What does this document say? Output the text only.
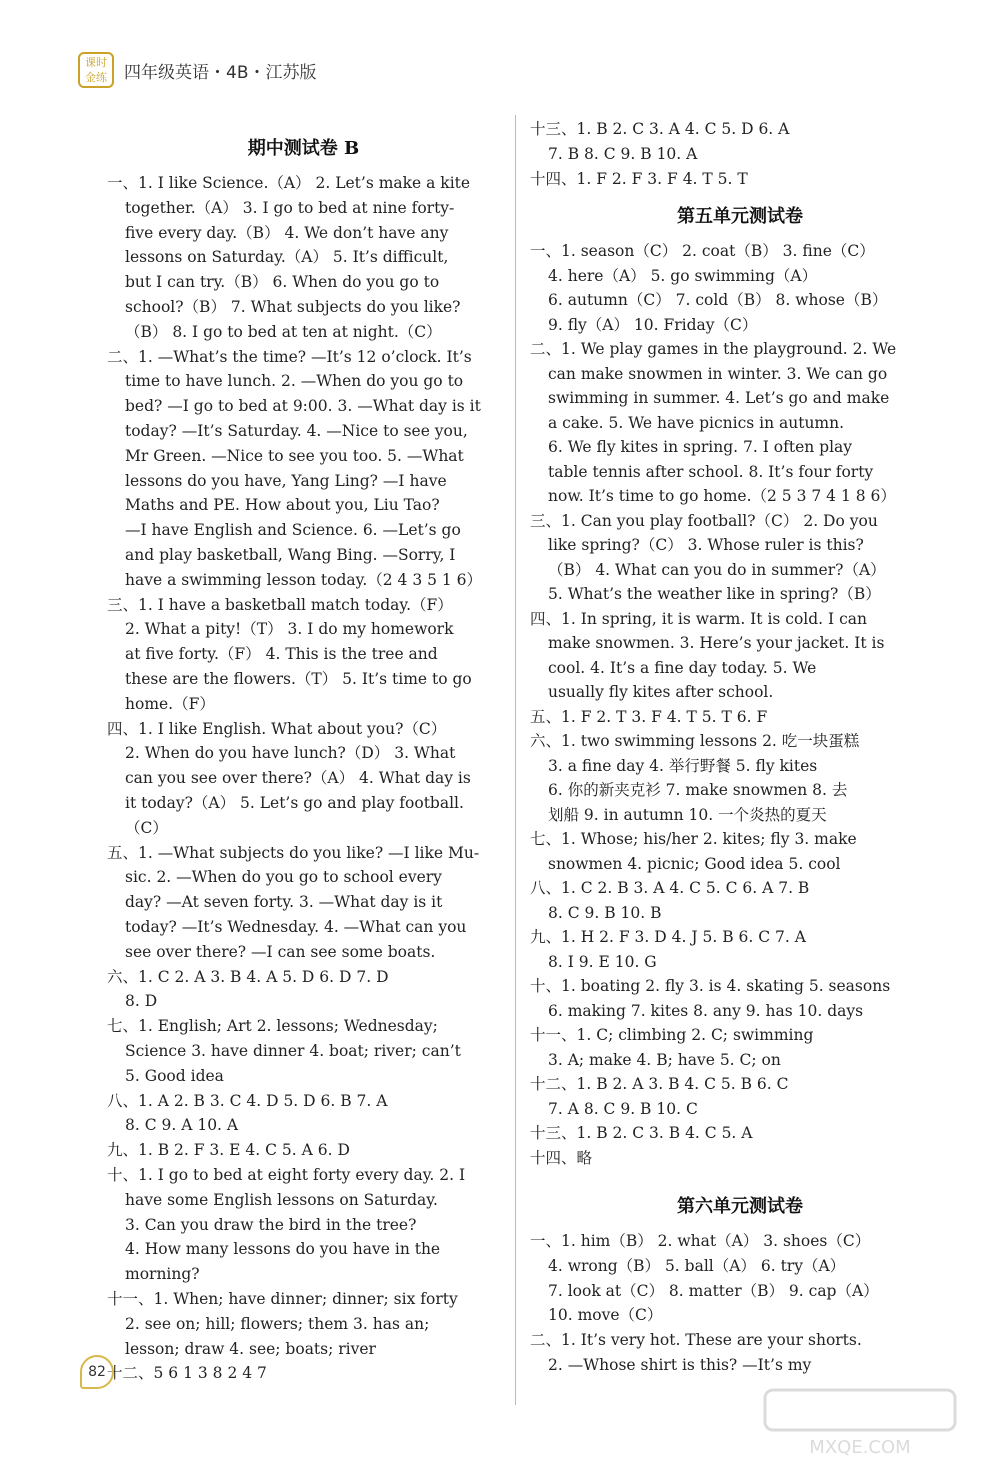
课时
金练 四年级英语・4B・江苏版
期中测试卷 B
一、1. I like Science.（A） 2. Let’s make a kite
together.（A） 3. I go to bed at nine forty-
five every day.（B） 4. We don’t have any
lessons on Saturday.（A） 5. It’s difficult,
but I can try.（B） 6. When do you go to
school?（B） 7. What subjects do you like?
（B） 8. I go to bed at ten at night.（C）
二、1. —What’s the time? —It’s 12 o’clock. It’s
time to have lunch. 2. —When do you go to
bed? —I go to bed at 9:00. 3. —What day is it
today? —It’s Saturday. 4. —Nice to see you,
Mr Green. —Nice to see you too. 5. —What
lessons do you have, Yang Ling? —I have
Maths and PE. How about you, Liu Tao?
—I have English and Science. 6. —Let’s go
and play basketball, Wang Bing. —Sorry, I
have a swimming lesson today.（2 4 3 5 1 6）
三、1. I have a basketball match today.（F）
2. What a pity!（T） 3. I do my homework
at five forty.（F） 4. This is the tree and
these are the flowers.（T） 5. It’s time to go
home.（F）
四、1. I like English. What about you?（C）
2. When do you have lunch?（D） 3. What
can you see over there?（A） 4. What day is
it today?（A） 5. Let’s go and play football.
（C）
五、1. —What subjects do you like? —I like Mu-
sic. 2. —When do you go to school every
day? —At seven forty. 3. —What day is it
today? —It’s Wednesday. 4. —What can you
see over there? —I can see some boats.
六、1. C 2. A 3. B 4. A 5. D 6. D 7. D
8. D
七、1. English; Art 2. lessons; Wednesday;
Science 3. have dinner 4. boat; river; can’t
5. Good idea
八、1. A 2. B 3. C 4. D 5. D 6. B 7. A
8. C 9. A 10. A
九、1. B 2. F 3. E 4. C 5. A 6. D
十、1. I go to bed at eight forty every day. 2. I
have some English lessons on Saturday.
3. Can you draw the bird in the tree?
4. How many lessons do you have in the
morning?
十一、1. When; have dinner; dinner; six forty
2. see on; hill; flowers; them 3. has an;
lesson; draw 4. see; boats; river
十二、5 6 1 3 8 2 4 7
第五单元测试卷
第六单元测试卷
十三、1. B 2. C 3. A 4. C 5. D 6. A
7. B 8. C 9. B 10. A
十四、1. F 2. F 3. F 4. T 5. T
一、1. season（C） 2. coat（B） 3. fine（C）
4. here（A） 5. go swimming（A）
6. autumn（C） 7. cold（B） 8. whose（B）
9. fly（A） 10. Friday（C）
二、1. We play games in the playground. 2. We
can make snowmen in winter. 3. We can go
swimming in summer. 4. Let’s go and make
a cake. 5. We have picnics in autumn.
6. We fly kites in spring. 7. I often play
table tennis after school. 8. It’s four forty
now. It’s time to go home.（2 5 3 7 4 1 8 6）
三、1. Can you play football?（C） 2. Do you
like spring?（C） 3. Whose ruler is this?
（B） 4. What can you do in summer?（A）
5. What’s the weather like in spring?（B）
四、1. In spring, it is warm. It is cold. I can
make snowmen. 3. Here’s your jacket. It is
cool. 4. It’s a fine day today. 5. We
usually fly kites after school.
五、1. F 2. T 3. F 4. T 5. T 6. F
六、1. two swimming lessons 2. 吃一块蛋糕
3. a fine day 4. 举行野餐 5. fly kites
6. 你的新夹克衫 7. make snowmen 8. 去
划船 9. in autumn 10. 一个炎热的夏天
七、1. Whose; his/her 2. kites; fly 3. make
snowmen 4. picnic; Good idea 5. cool
八、1. C 2. B 3. A 4. C 5. C 6. A 7. B
8. C 9. B 10. B
九、1. H 2. F 3. D 4. J 5. B 6. C 7. A
8. I 9. E 10. G
十、1. boating 2. fly 3. is 4. skating 5. seasons
6. making 7. kites 8. any 9. has 10. days
十一、1. C; climbing 2. C; swimming
3. A; make 4. B; have 5. C; on
十二、1. B 2. A 3. B 4. C 5. B 6. C
7. A 8. C 9. B 10. C
十三、1. B 2. C 3. B 4. C 5. A
十四、略
一、1. him（B） 2. what（A） 3. shoes（C）
4. wrong（B） 5. ball（A） 6. try（A）
7. look at（C） 8. matter（B） 9. cap（A）
10. move（C）
二、1. It’s very hot. These are your shorts.
2. —Whose shirt is this? —It’s my
82
MXQE.COM
